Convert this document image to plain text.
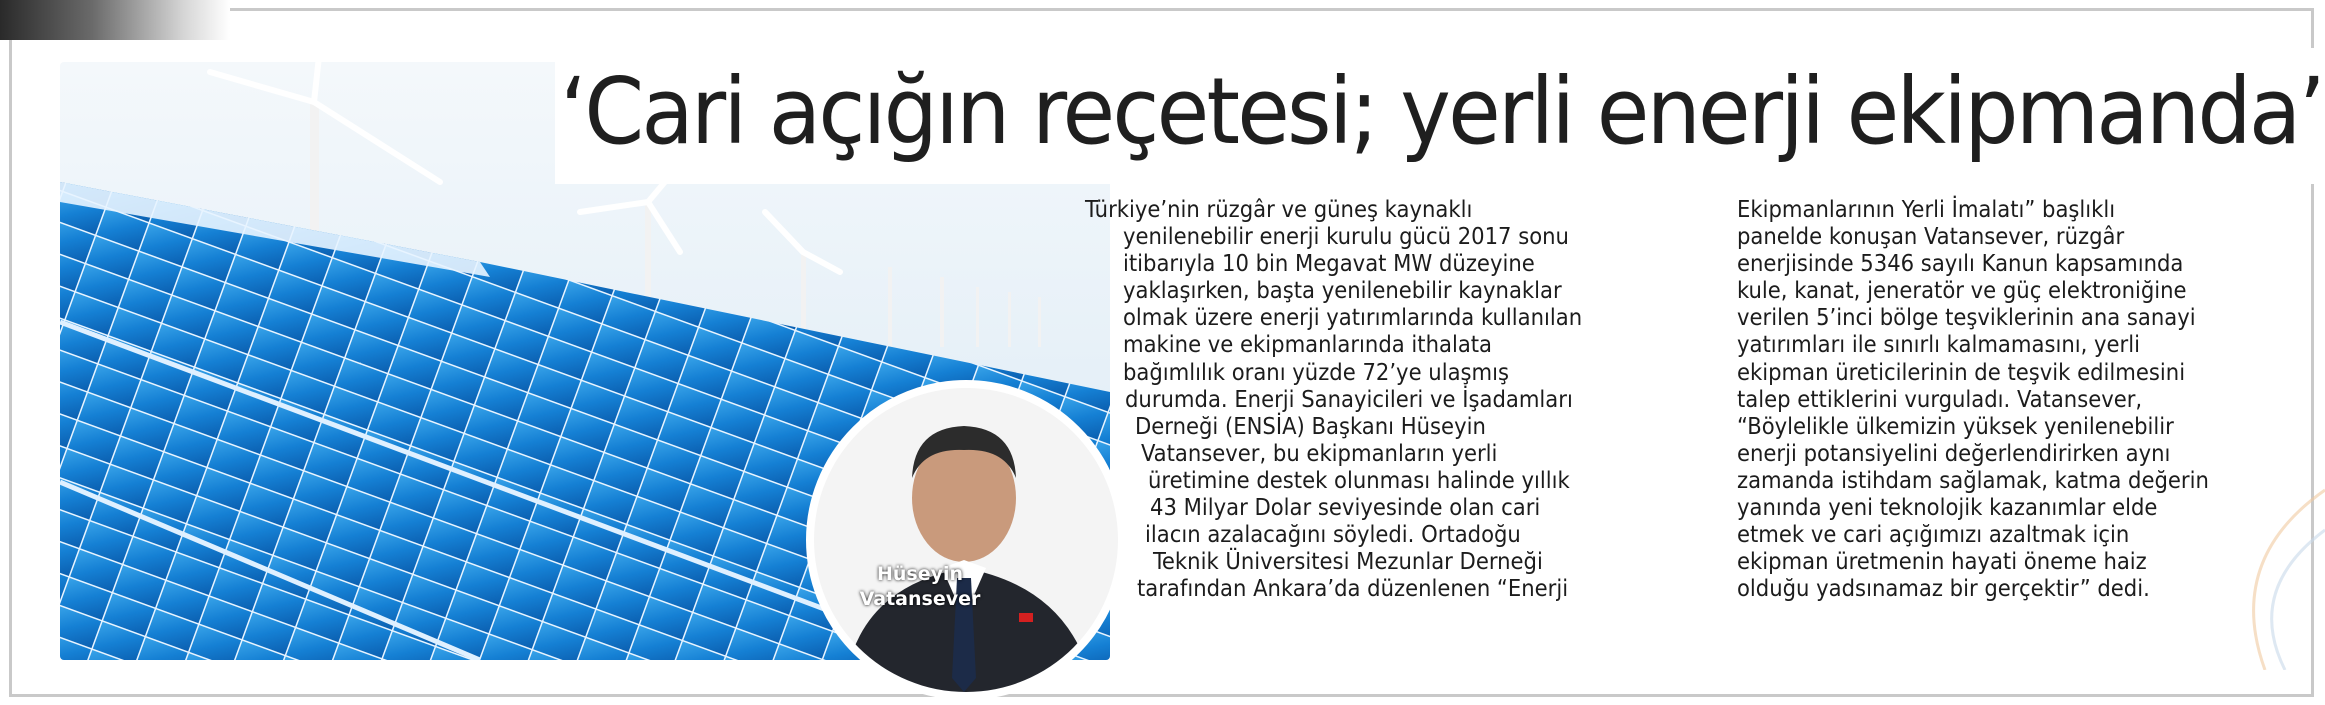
‘Cari açığın reçetesi; yerli enerji ekipmanda’
Hüseyin
Vatansever
Türkiye’nin rüzgâr ve güneş kaynaklı
yenilenebilir enerji kurulu gücü 2017 sonu
itibarıyla 10 bin Megavat MW düzeyine
yaklaşırken, başta yenilenebilir kaynaklar
olmak üzere enerji yatırımlarında kullanılan
makine ve ekipmanlarında ithalata
bağımlılık oranı yüzde 72’ye ulaşmış
durumda. Enerji Sanayicileri ve İşadamları
Derneği (ENSİA) Başkanı Hüseyin
Vatansever, bu ekipmanların yerli
üretimine destek olunması halinde yıllık
43 Milyar Dolar seviyesinde olan cari
ilacın azalacağını söyledi. Ortadoğu
Teknik Üniversitesi Mezunlar Derneği
tarafından Ankara’da düzenlenen “Enerji
Ekipmanlarının Yerli İmalatı” başlıklı
panelde konuşan Vatansever, rüzgâr
enerjisinde 5346 sayılı Kanun kapsamında
kule, kanat, jeneratör ve güç elektroniğine
verilen 5’inci bölge teşviklerinin ana sanayi
yatırımları ile sınırlı kalmamasını, yerli
ekipman üreticilerinin de teşvik edilmesini
talep ettiklerini vurguladı. Vatansever,
“Böylelikle ülkemizin yüksek yenilenebilir
enerji potansiyelini değerlendirirken aynı
zamanda istihdam sağlamak, katma değerin
yanında yeni teknolojik kazanımlar elde
etmek ve cari açığımızı azaltmak için
ekipman üretmenin hayati öneme haiz
olduğu yadsınamaz bir gerçektir” dedi.
